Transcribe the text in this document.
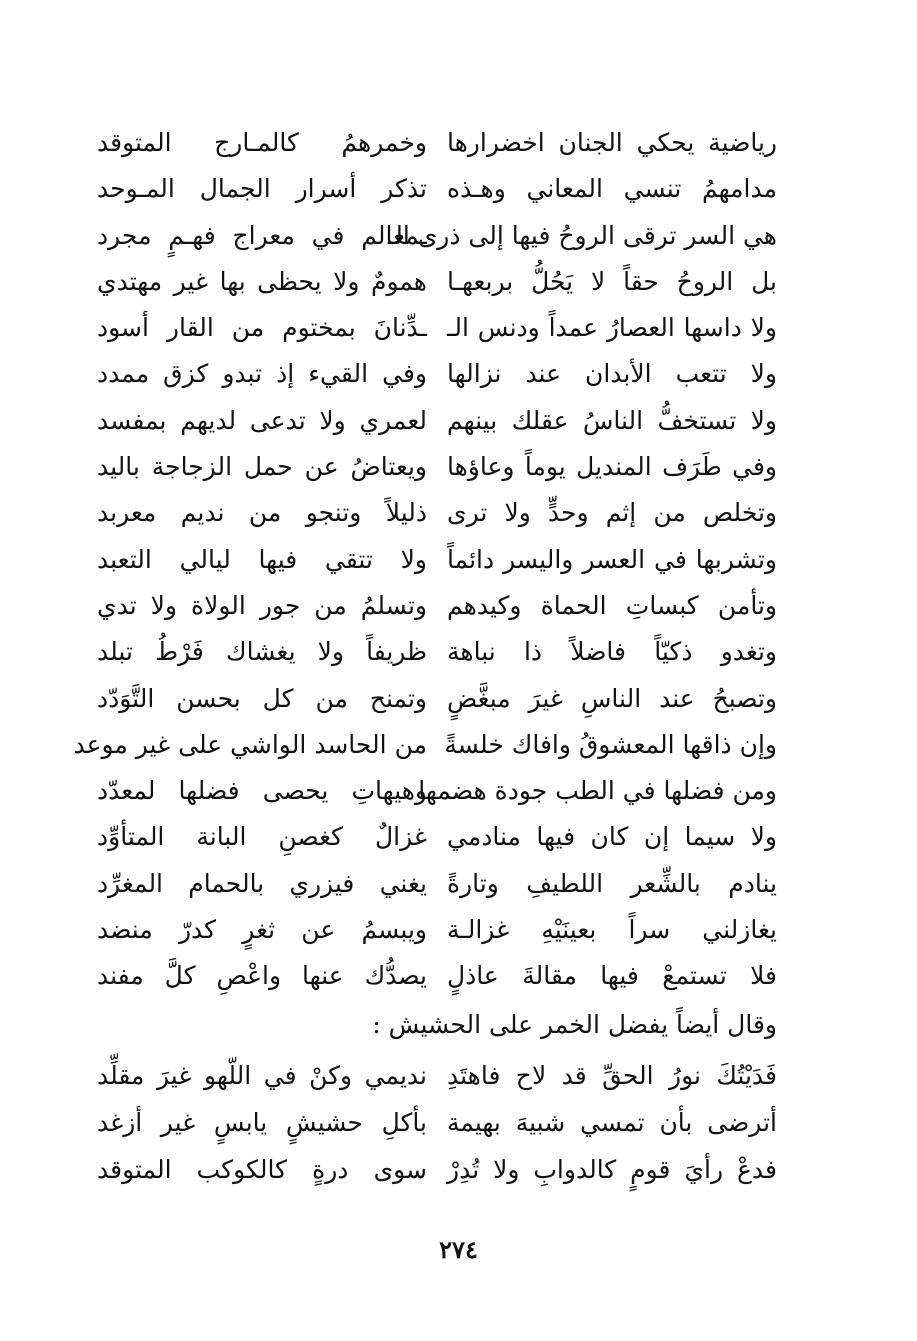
رياضية يحكي الجنان اخضرارها
وخمرهمُ كالمـارج المتوقد
مدامهمُ تنسي المعاني وهـذه
تذكر أسرار الجمال المـوحد
هي السر ترقى الروحُ فيها إلى ذرى الـ
ـمعالم في معراج فهـمٍ مجرد
بل الروحُ حقاً لا يَحُلُّ بربعهـا
همومٌ ولا يحظى بها غير مهتدي
ولا داسها العصارُ عمداً ودنس الـ
ـدِّنانَ بمختوم من القار أسود
ولا تتعب الأبدان عند نزالها
وفي القيء إذ تبدو كزق ممدد
ولا تستخفُّ الناسُ عقلك بينهم
لعمري ولا تدعى لديهم بمفسد
وفي طَرَف المنديل يوماً وعاؤها
ويعتاضُ عن حمل الزجاجة باليد
وتخلص من إثم وحدٍّ ولا ترى
ذليلاً وتنجو من نديم معربد
وتشربها في العسر واليسر دائماً
ولا تتقي فيها ليالي التعبد
وتأمن كبساتِ الحماة وكيدهم
وتسلمُ من جور الولاة ولا تدي
وتغدو ذكيّاً فاضلاً ذا نباهة
ظريفاً ولا يغشاك فَرْطُ تبلد
وتصبحُ عند الناسِ غيرَ مبغَّضٍ
وتمنح من كل بحسن التَّوَدّد
وإن ذاقها المعشوقُ وافاك خلسةً
من الحاسد الواشي على غير موعد
ومن فضلها في الطب جودة هضمها
وهيهاتِ يحصى فضلها لمعدّد
ولا سيما إن كان فيها منادمي
غزالٌ كغصنِ البانة المتأوِّد
ينادم بالشِّعر اللطيفِ وتارةً
يغني فيزري بالحمام المغرِّد
يغازلني سراً بعينَيْهِ غزالـة
ويبسمُ عن ثغرٍ كدرّ منضد
فلا تستمعْ فيها مقالةَ عاذلٍ
يصدُّك عنها واعْصِ كلَّ مفند
وقال أيضاً يفضل الخمر على الحشيش :
فَدَيْتُكَ نورُ الحقِّ قد لاح فاهتَدِ
نديمي وكنْ في اللّهو غيرَ مقلِّد
أترضى بأن تمسي شبيهَ بهيمة
بأكلِ حشيشٍ يابسٍ غير أزغد
فدعْ رأيَ قومٍ كالدوابِ ولا تُدِرْ
سوى درةٍ كالكوكب المتوقد
٢٧٤
